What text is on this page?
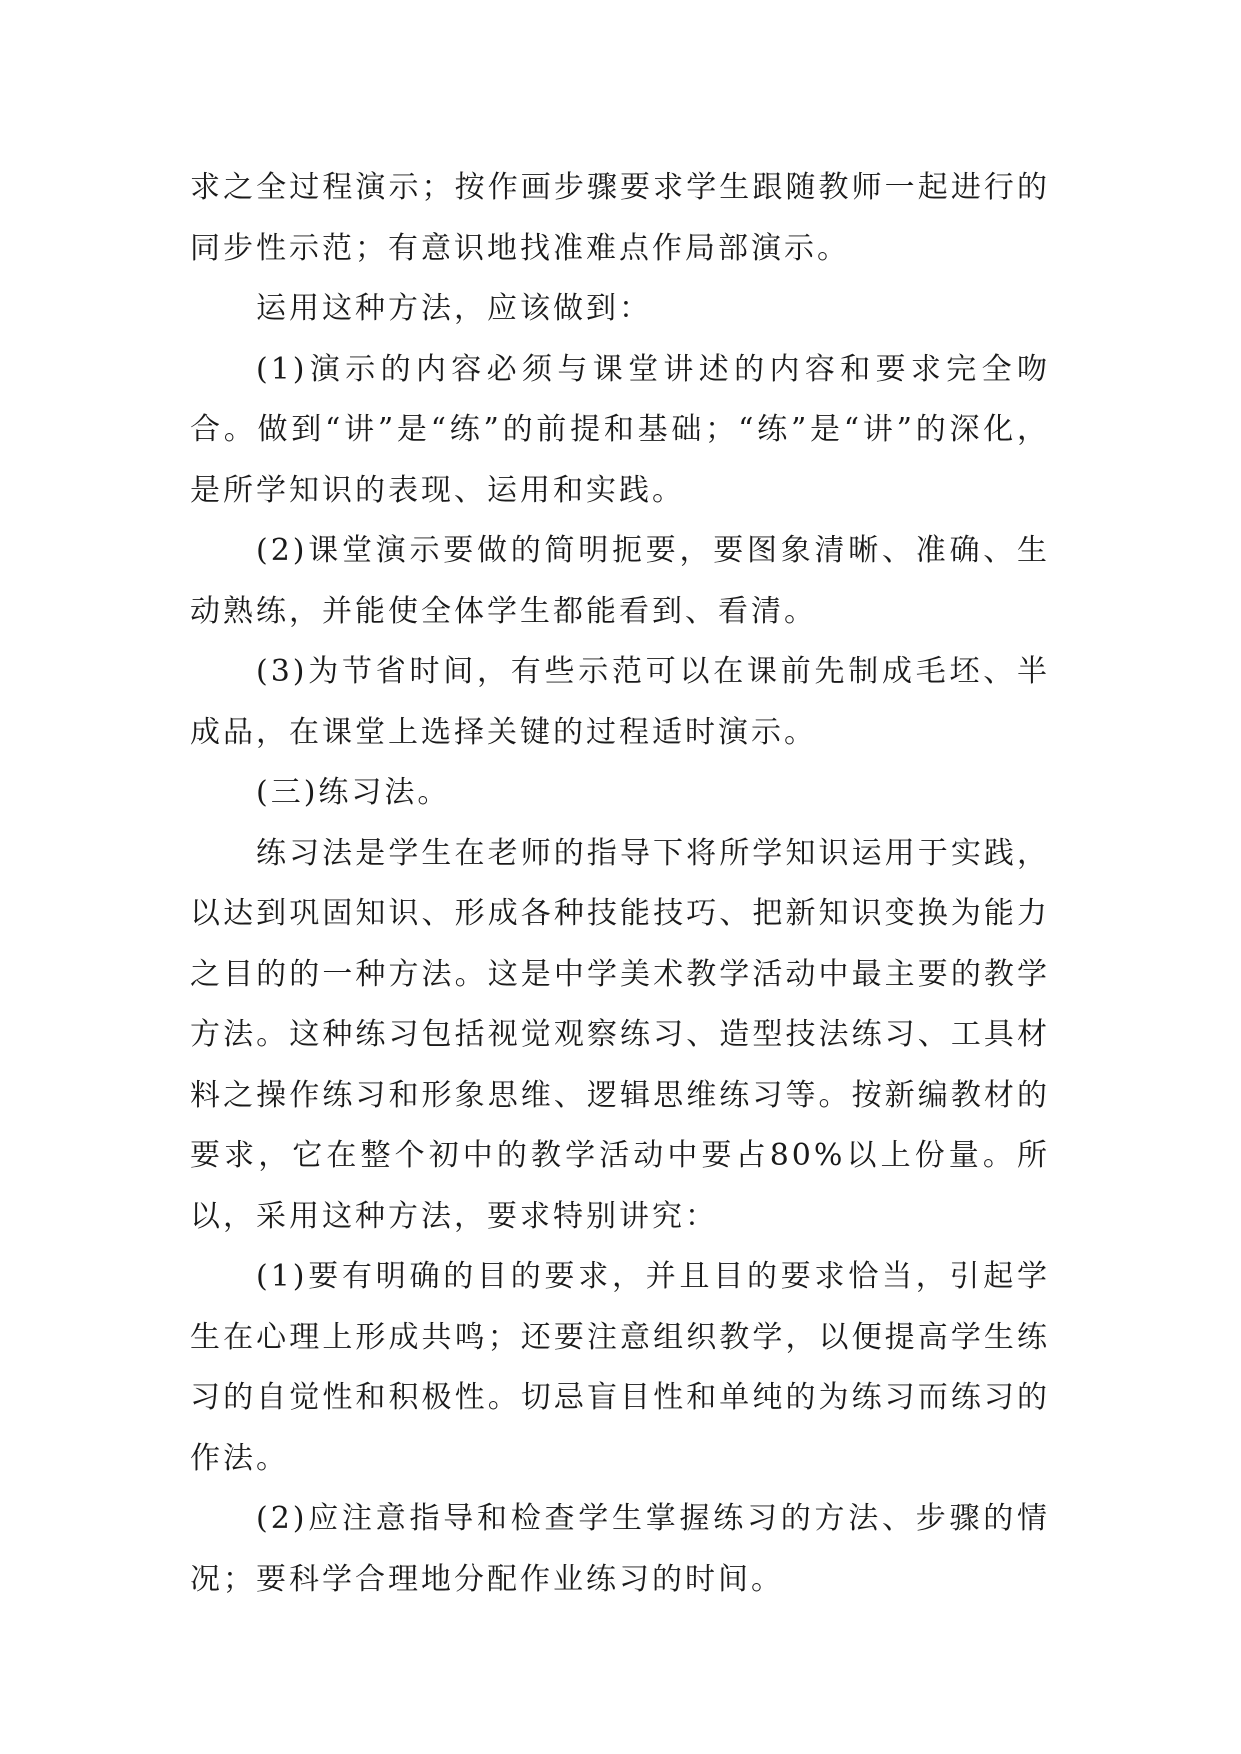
求之全过程演示；按作画步骤要求学生跟随教师一起进行的同步性示范；有意识地找准难点作局部演示。

运用这种方法，应该做到：

(1)演示的内容必须与课堂讲述的内容和要求完全吻合。做到“讲”是“练”的前提和基础；“练”是“讲”的深化，是所学知识的表现、运用和实践。

(2)课堂演示要做的简明扼要，要图象清晰、准确、生动熟练，并能使全体学生都能看到、看清。

(3)为节省时间，有些示范可以在课前先制成毛坯、半成品，在课堂上选择关键的过程适时演示。

(三)练习法。

练习法是学生在老师的指导下将所学知识运用于实践，以达到巩固知识、形成各种技能技巧、把新知识变换为能力之目的的一种方法。这是中学美术教学活动中最主要的教学方法。这种练习包括视觉观察练习、造型技法练习、工具材料之操作练习和形象思维、逻辑思维练习等。按新编教材的要求，它在整个初中的教学活动中要占80%以上份量。所以，采用这种方法，要求特别讲究：

(1)要有明确的目的要求，并且目的要求恰当，引起学生在心理上形成共鸣；还要注意组织教学，以便提高学生练习的自觉性和积极性。切忌盲目性和单纯的为练习而练习的作法。

(2)应注意指导和检查学生掌握练习的方法、步骤的情况；要科学合理地分配作业练习的时间。
